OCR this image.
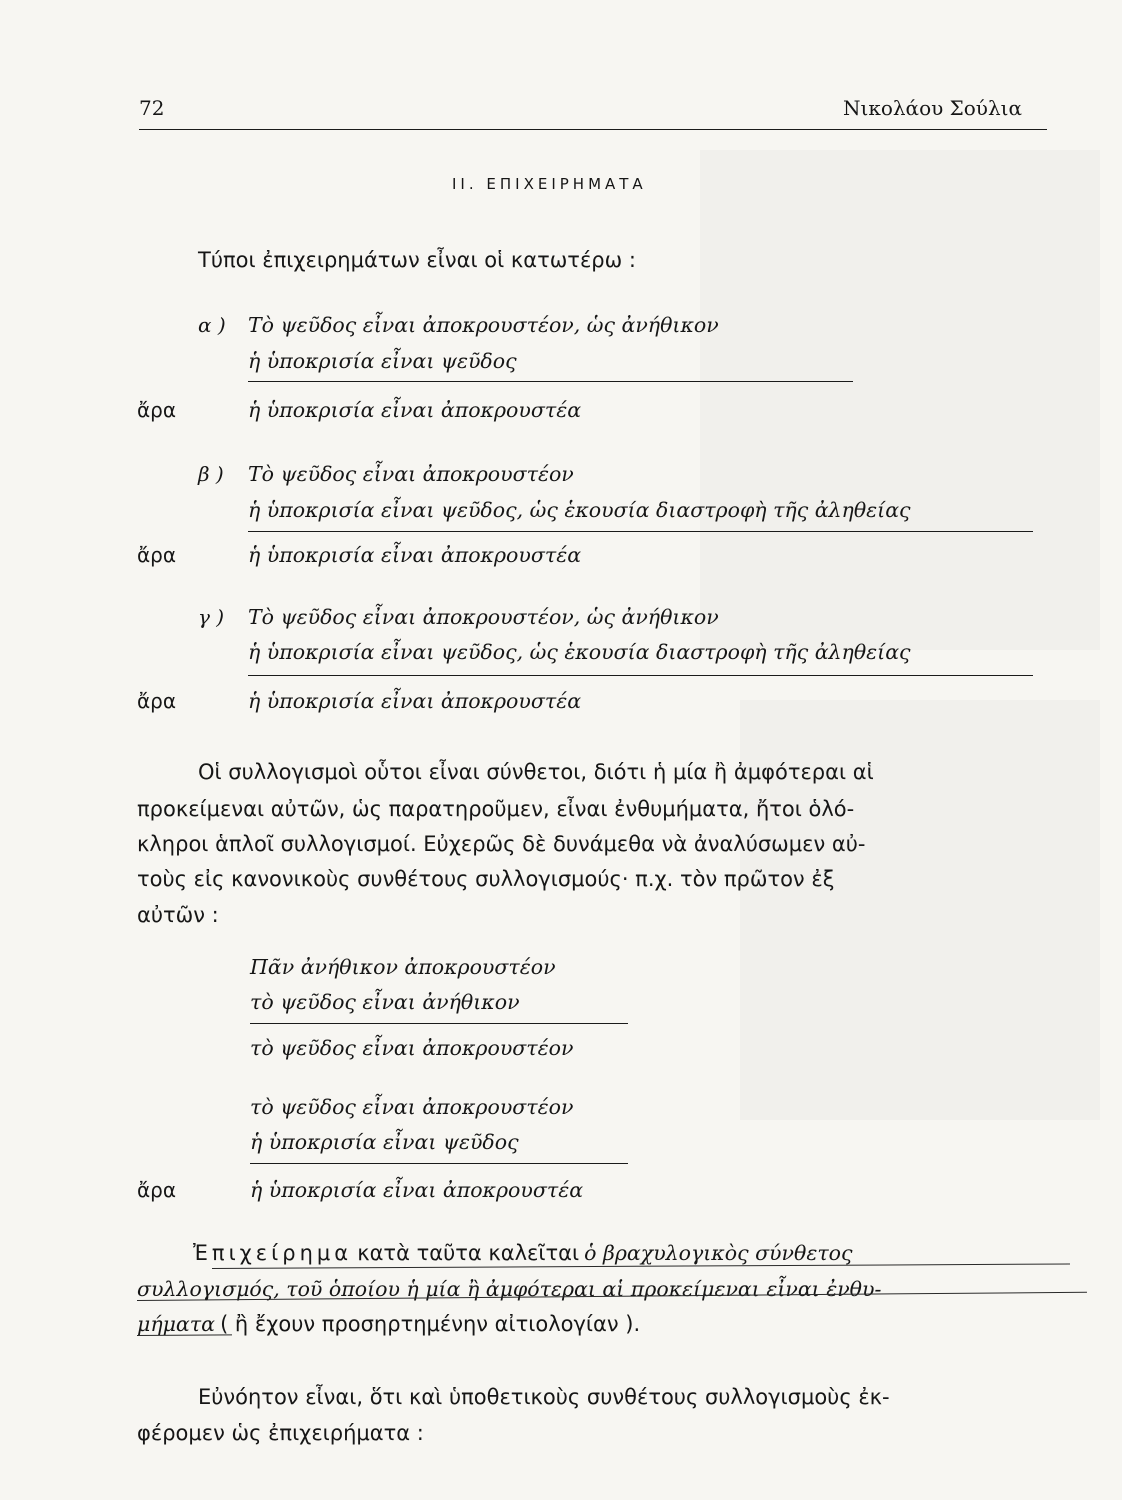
72	Νικολάου Σούλια
ΙΙ. ΕΠΙΧΕΙΡΗΜΑΤΑ
Τύποι ἐπιχειρημάτων εἶναι οἱ κατωτέρω :
α ) Τὸ ψεῦδος εἶναι ἀποκρουστέον, ὡς ἀνήθικον
ἡ ὑποκρισία εἶναι ψεῦδος
ἄρα	ἡ ὑποκρισία εἶναι ἀποκρουστέα
β ) Τὸ ψεῦδος εἶναι ἀποκρουστέον
ἡ ὑποκρισία εἶναι ψεῦδος, ὡς ἑκουσία διαστροφὴ τῆς ἀληθείας
ἄρα	ἡ ὑποκρισία εἶναι ἀποκρουστέα
γ ) Τὸ ψεῦδος εἶναι ἀποκρουστέον, ὡς ἀνήθικον
ἡ ὑποκρισία εἶναι ψεῦδος, ὡς ἑκουσία διαστροφὴ τῆς ἀληθείας
ἄρα	ἡ ὑποκρισία εἶναι ἀποκρουστέα
Οἱ συλλογισμοὶ οὗτοι εἶναι σύνθετοι, διότι ἡ μία ἢ ἀμφότεραι αἱ
προκείμεναι αὐτῶν, ὡς παρατηροῦμεν, εἶναι ἐνθυμήματα, ἤτοι ὁλό-
κληροι ἁπλοῖ συλλογισμοί. Εὐχερῶς δὲ δυνάμεθα νὰ ἀναλύσωμεν αὐ-
τοὺς εἰς κανονικοὺς συνθέτους συλλογισμούς· π.χ. τὸν πρῶτον ἐξ
αὐτῶν :
Πᾶν ἀνήθικον ἀποκρουστέον
τὸ ψεῦδος εἶναι ἀνήθικον
τὸ ψεῦδος εἶναι ἀποκρουστέον
τὸ ψεῦδος εἶναι ἀποκρουστέον
ἡ ὑποκρισία εἶναι ψεῦδος
ἄρα	ἡ ὑποκρισία εἶναι ἀποκρουστέα
Ἐπιχείρημα κατὰ ταῦτα καλεῖται ὁ βραχυλογικὸς σύνθετος
συλλογισμός, τοῦ ὁποίου ἡ μία ἢ ἀμφότεραι αἱ προκείμεναι εἶναι ἐνθυ-
μήματα ( ἢ ἔχουν προσηρτημένην αἰτιολογίαν ).
Εὐνόητον εἶναι, ὅτι καὶ ὑποθετικοὺς συνθέτους συλλογισμοὺς ἐκ-
φέρομεν ὡς ἐπιχειρήματα :
